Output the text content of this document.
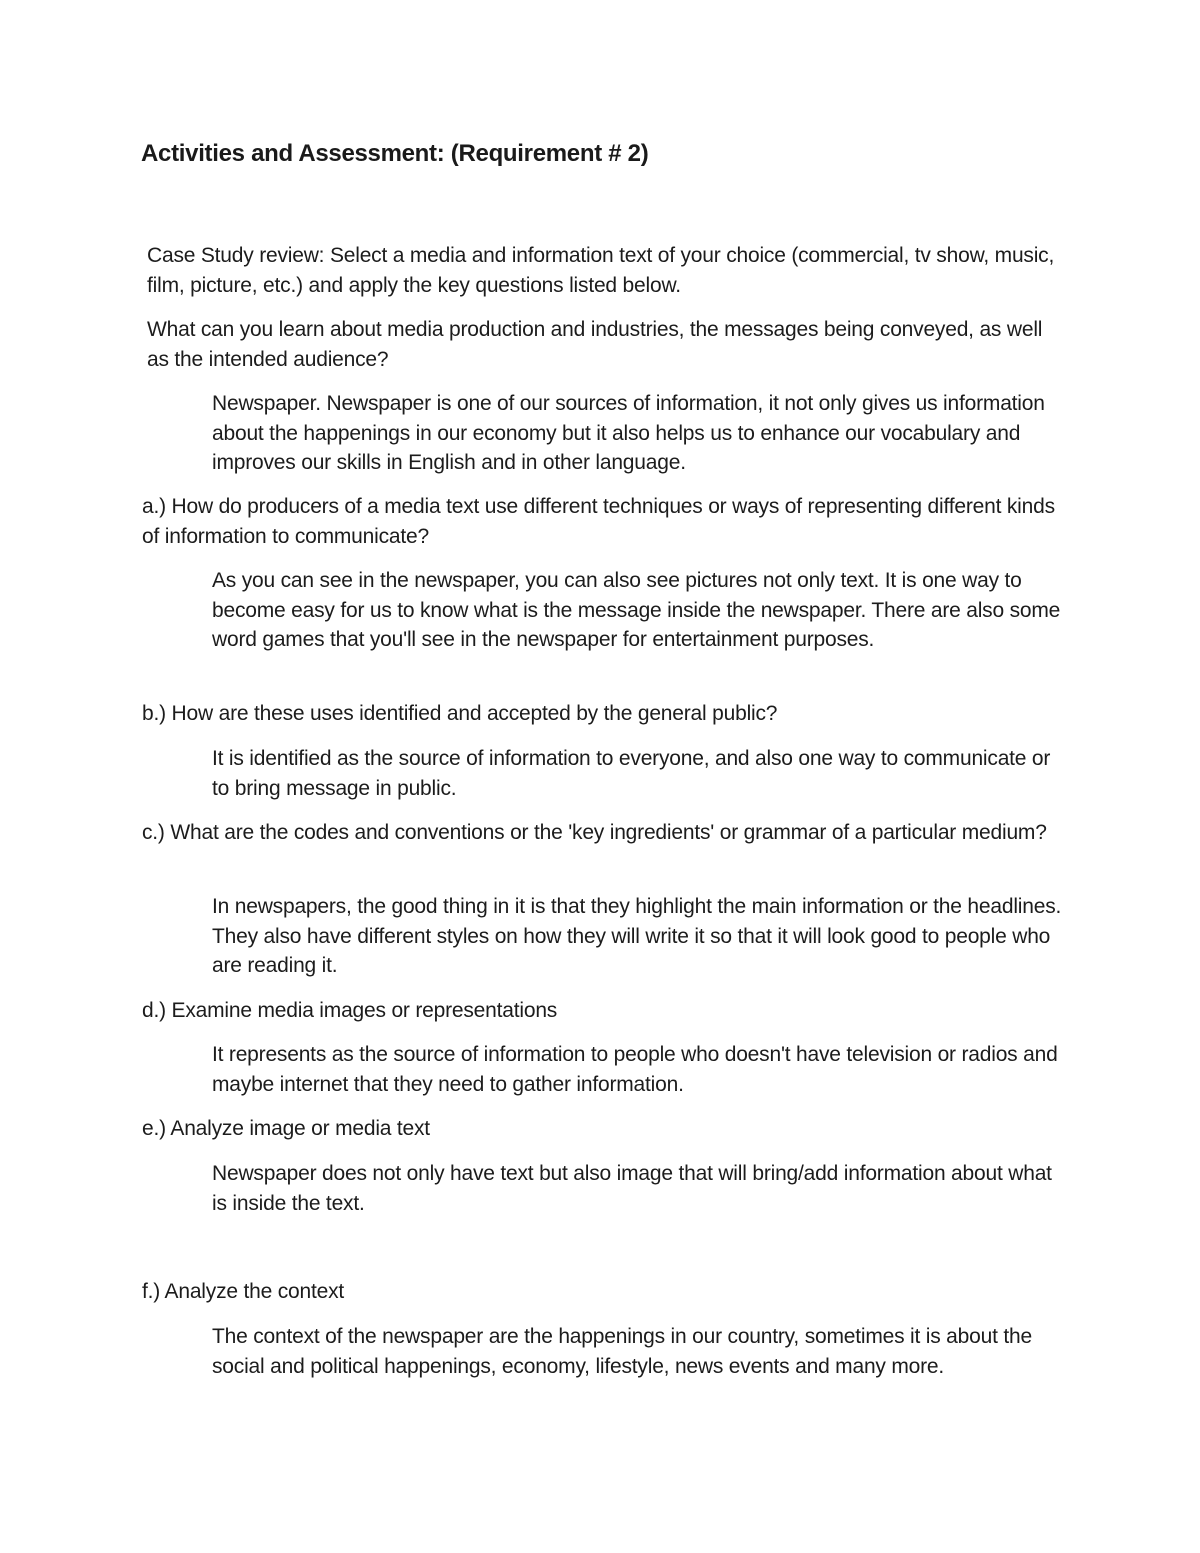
Activities and Assessment: (Requirement # 2)

Case Study review: Select a media and information text of your choice (commercial, tv show, music, film, picture, etc.) and apply the key questions listed below.

What can you learn about media production and industries, the messages being conveyed, as well as the intended audience?

Newspaper. Newspaper is one of our sources of information, it not only gives us information about the happenings in our economy but it also helps us to enhance our vocabulary and improves our skills in English and in other language.

a.) How do producers of a media text use different techniques or ways of representing different kinds of information to communicate?

As you can see in the newspaper, you can also see pictures not only text. It is one way to become easy for us to know what is the message inside the newspaper. There are also some word games that you'll see in the newspaper for entertainment purposes.

b.) How are these uses identified and accepted by the general public?

It is identified as the source of information to everyone, and also one way to communicate or to bring message in public.

c.) What are the codes and conventions or the 'key ingredients' or grammar of a particular medium?

In newspapers, the good thing in it is that they highlight the main information or the headlines. They also have different styles on how they will write it so that it will look good to people who are reading it.

d.) Examine media images or representations

It represents as the source of information to people who doesn't have television or radios and maybe internet that they need to gather information.

e.) Analyze image or media text

Newspaper does not only have text but also image that will bring/add information about what is inside the text.

f.) Analyze the context

The context of the newspaper are the happenings in our country, sometimes it is about the social and political happenings, economy, lifestyle, news events and many more.
